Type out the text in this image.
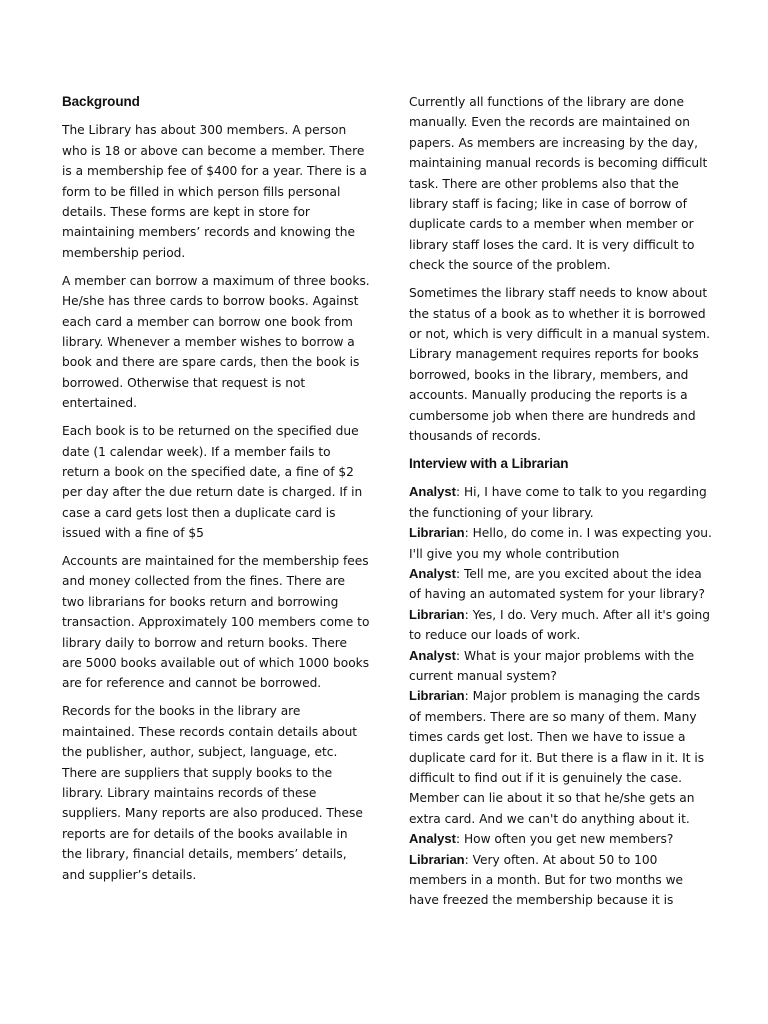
Background

The Library has about 300 members. A person who is 18 or above can become a member. There is a membership fee of $400 for a year. There is a form to be filled in which person fills personal details. These forms are kept in store for maintaining members’ records and knowing the membership period.

A member can borrow a maximum of three books. He/she has three cards to borrow books. Against each card a member can borrow one book from library. Whenever a member wishes to borrow a book and there are spare cards, then the book is borrowed. Otherwise that request is not entertained.

Each book is to be returned on the specified due date (1 calendar week). If a member fails to return a book on the specified date, a fine of $2 per day after the due return date is charged. If in case a card gets lost then a duplicate card is issued with a fine of $5

Accounts are maintained for the membership fees and money collected from the fines. There are two librarians for books return and borrowing transaction. Approximately 100 members come to library daily to borrow and return books. There are 5000 books available out of which 1000 books are for reference and cannot be borrowed.

Records for the books in the library are maintained. These records contain details about the publisher, author, subject, language, etc. There are suppliers that supply books to the library. Library maintains records of these suppliers. Many reports are also produced. These reports are for details of the books available in the library, financial details, members’ details, and supplier’s details.

Currently all functions of the library are done manually. Even the records are maintained on papers. As members are increasing by the day, maintaining manual records is becoming difficult task. There are other problems also that the library staff is facing; like in case of borrow of duplicate cards to a member when member or library staff loses the card. It is very difficult to check the source of the problem.

Sometimes the library staff needs to know about the status of a book as to whether it is borrowed or not, which is very difficult in a manual system. Library management requires reports for books borrowed, books in the library, members, and accounts. Manually producing the reports is a cumbersome job when there are hundreds and thousands of records.

Interview with a Librarian
Analyst: Hi, I have come to talk to you regarding the functioning of your library.
Librarian: Hello, do come in. I was expecting you. I'll give you my whole contribution
Analyst: Tell me, are you excited about the idea of having an automated system for your library?
Librarian: Yes, I do. Very much. After all it's going to reduce our loads of work.
Analyst: What is your major problems with the current manual system?
Librarian: Major problem is managing the cards of members. There are so many of them. Many times cards get lost. Then we have to issue a duplicate card for it. But there is a flaw in it. It is difficult to find out if it is genuinely the case. Member can lie about it so that he/she gets an extra card. And we can't do anything about it.
Analyst: How often you get new members?
Librarian: Very often. At about 50 to 100 members in a month. But for two months we have freezed the membership because it is
